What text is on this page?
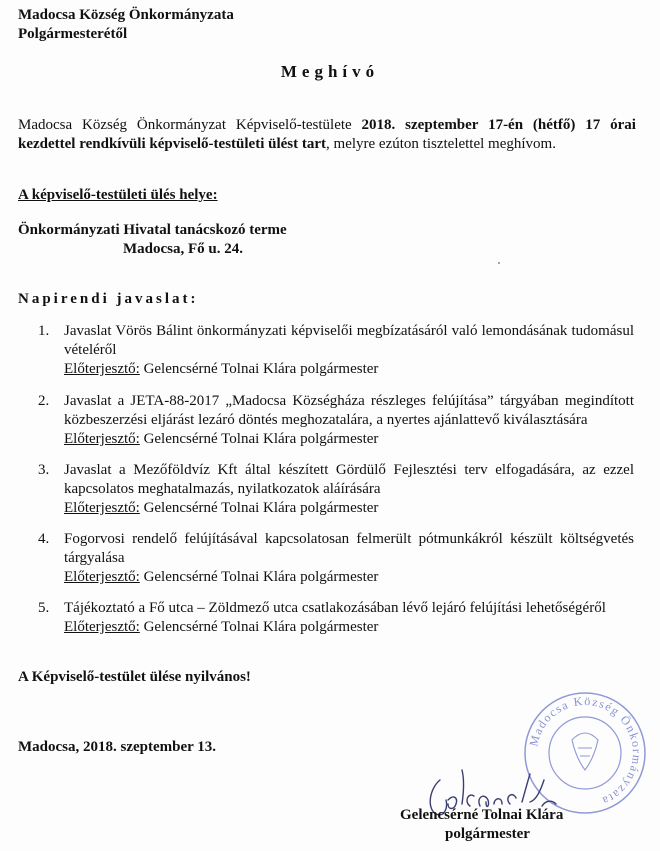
Madocsa Község Önkormányzata
Polgármesterétől
Meghívó

Madocsa Község Önkormányzat Képviselő-testülete 2018. szeptember 17-én (hétfő) 17 órai kezdettel rendkívüli képviselő-testületi ülést tart, melyre ezúton tisztelettel meghívom.

A képviselő-testületi ülés helye:
Önkormányzati Hivatal tanácskozó terme
Madocsa, Fő u. 24.
Napirendi javaslat:
1. Javaslat Vörös Bálint önkormányzati képviselői megbízatásáról való lemondásának tudomásul vételéről
Előterjesztő: Gelencsérné Tolnai Klára polgármester
2. Javaslat a JETA-88-2017 „Madocsa Községháza részleges felújítása” tárgyában megindított közbeszerzési eljárást lezáró döntés meghozatalára, a nyertes ajánlattevő kiválasztására
Előterjesztő: Gelencsérné Tolnai Klára polgármester
3. Javaslat a Mezőföldvíz Kft által készített Gördülő Fejlesztési terv elfogadására, az ezzel kapcsolatos meghatalmazás, nyilatkozatok aláírására
Előterjesztő: Gelencsérné Tolnai Klára polgármester
4. Fogorvosi rendelő felújításával kapcsolatosan felmerült pótmunkákról készült költségvetés tárgyalása
Előterjesztő: Gelencsérné Tolnai Klára polgármester
5. Tájékoztató a Fő utca – Zöldmező utca csatlakozásában lévő lejáró felújítási lehetőségéről
Előterjesztő: Gelencsérné Tolnai Klára polgármester
A Képviselő-testület ülése nyilvános!
Madocsa, 2018. szeptember 13.	Madocsa Község Önkormányzata
Gelencsérné Tolnai Klára
polgármester
